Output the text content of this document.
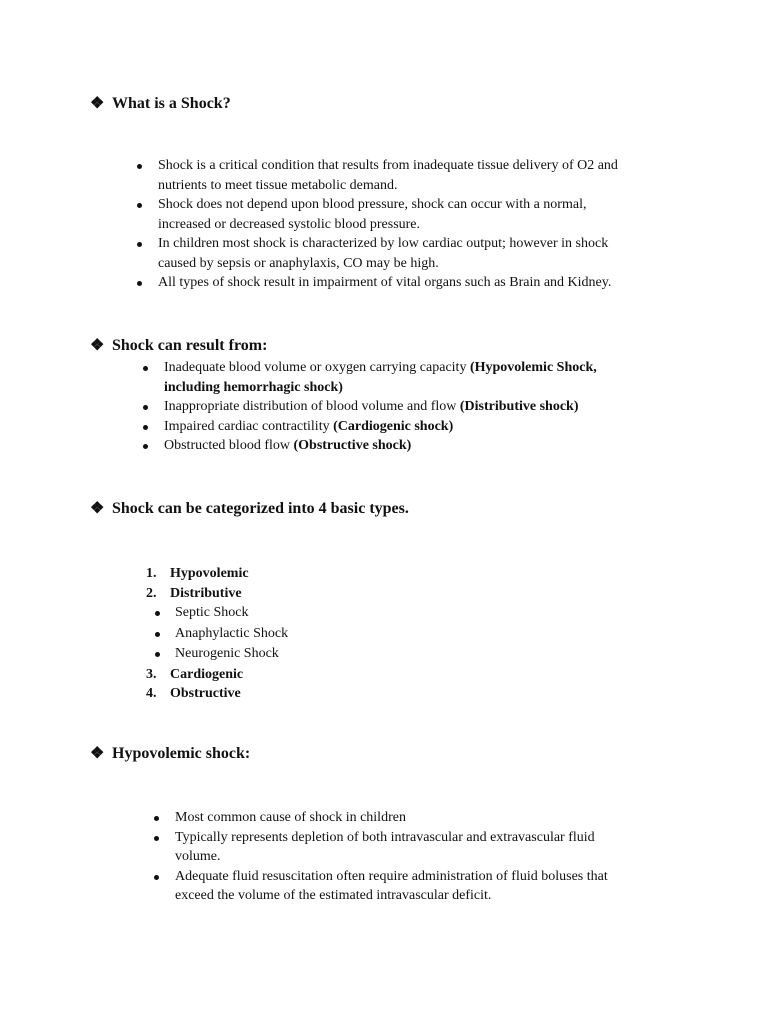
❖ What is a Shock?
Shock is a critical condition that results from inadequate tissue delivery of O2 and
nutrients to meet tissue metabolic demand.
Shock does not depend upon blood pressure, shock can occur with a normal,
increased or decreased systolic blood pressure.
In children most shock is characterized by low cardiac output; however in shock
caused by sepsis or anaphylaxis, CO may be high.
All types of shock result in impairment of vital organs such as Brain and Kidney.
❖ Shock can result from:
Inadequate blood volume or oxygen carrying capacity (Hypovolemic Shock,
including hemorrhagic shock)
Inappropriate distribution of blood volume and flow (Distributive shock)
Impaired cardiac contractility (Cardiogenic shock)
Obstructed blood flow (Obstructive shock)
❖ Shock can be categorized into 4 basic types.
1. Hypovolemic
2. Distributive
Septic Shock
Anaphylactic Shock
Neurogenic Shock
3. Cardiogenic
4. Obstructive
❖ Hypovolemic shock:
Most common cause of shock in children
Typically represents depletion of both intravascular and extravascular fluid
volume.
Adequate fluid resuscitation often require administration of fluid boluses that
exceed the volume of the estimated intravascular deficit.
